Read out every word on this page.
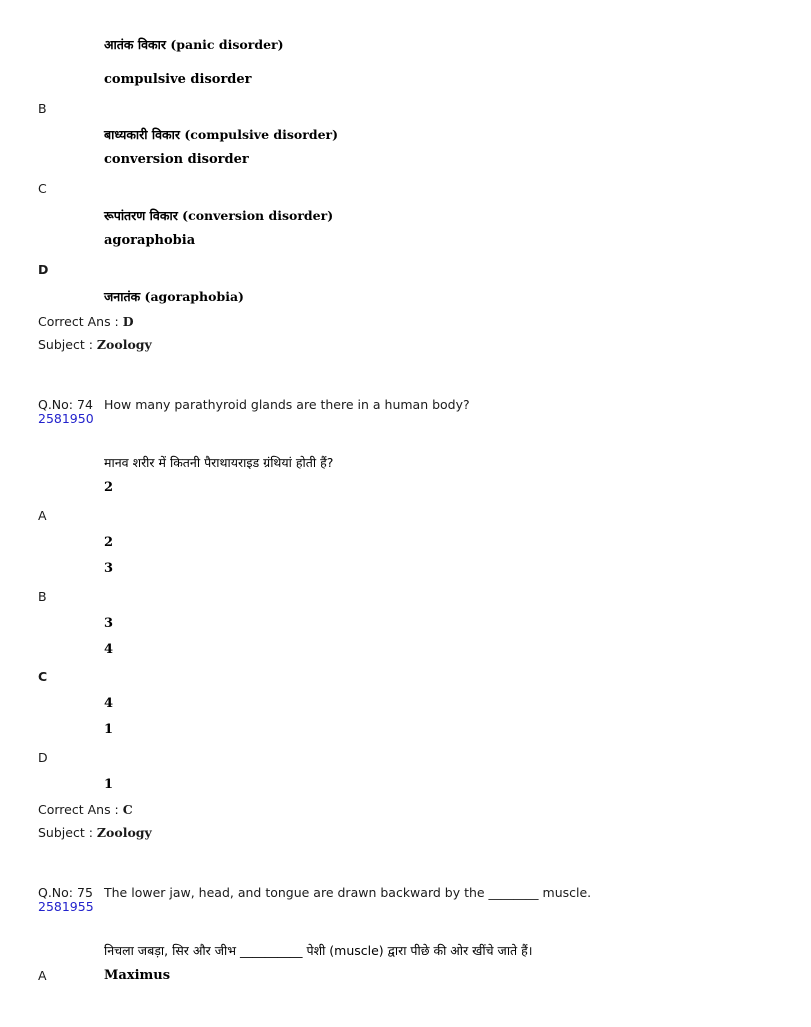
आतंक विकार (panic disorder)
compulsive disorder
B
बाध्यकारी विकार (compulsive disorder)
conversion disorder
C
रूपांतरण विकार (conversion disorder)
agoraphobia
D
जनातंक (agoraphobia)
Correct Ans : D
Subject : Zoology
Q.No: 74
2581950
How many parathyroid glands are there in a human body?
मानव शरीर में कितनी पैराथायराइड ग्रंथियां होती हैं?
2
A
2
3
B
3
4
C
4
1
D
1
Correct Ans : C
Subject : Zoology
Q.No: 75
2581955
The lower jaw, head, and tongue are drawn backward by the ________ muscle.
निचला जबड़ा, सिर और जीभ __________ पेशी (muscle) द्वारा पीछे की ओर खींचे जाते हैं।
A	Maximus
